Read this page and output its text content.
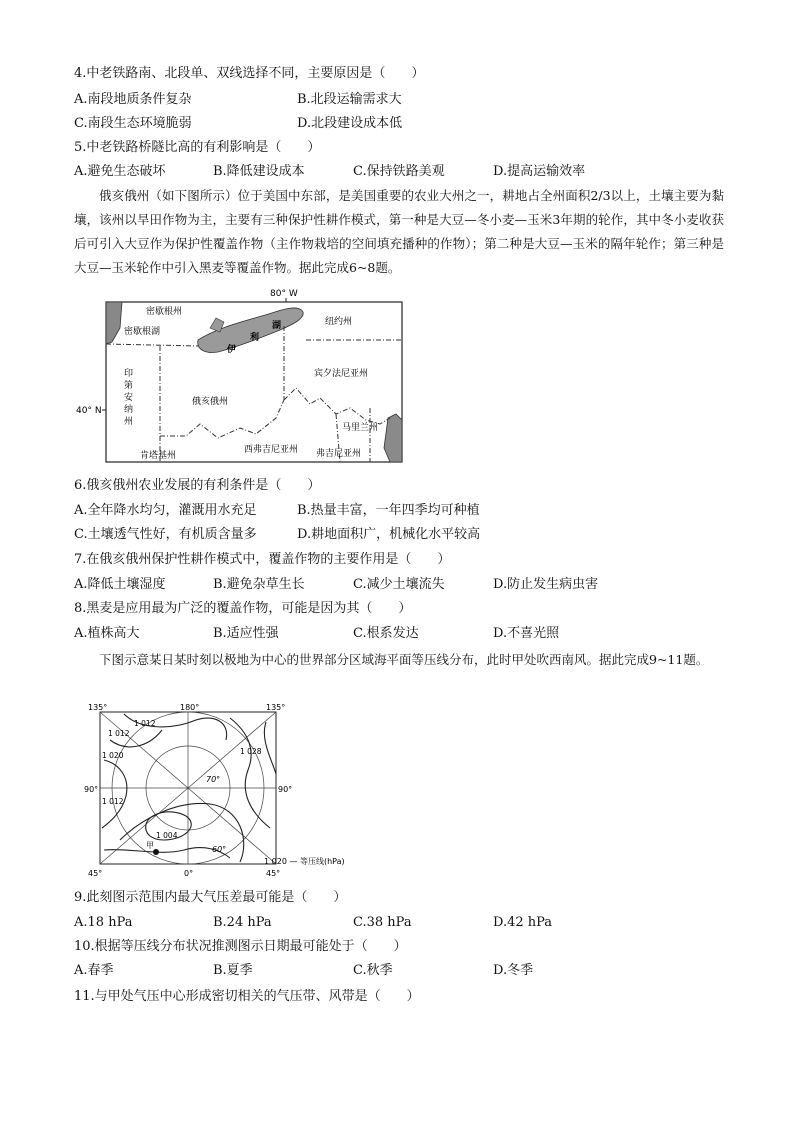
4.中老铁路南、北段单、双线选择不同，主要原因是（　　）
A.南段地质条件复杂	B.北段运输需求大
C.南段生态环境脆弱	D.北段建设成本低
5.中老铁路桥隧比高的有利影响是（　　）
A.避免生态破坏	B.降低建设成本	C.保持铁路美观	D.提高运输效率
俄亥俄州（如下图所示）位于美国中东部，是美国重要的农业大州之一，耕地占全州面积2/3以上，土壤主要为黏壤，该州以旱田作物为主，主要有三种保护性耕作模式，第一种是大豆—冬小麦—玉米3年期的轮作，其中冬小麦收获后可引入大豆作为保护性覆盖作物（主作物栽培的空间填充播种的作物）；第二种是大豆—玉米的隔年轮作；第三种是大豆—玉米轮作中引入黑麦等覆盖作物。据此完成6~8题。
80° W
40° N
密歇根州
密歇根湖
伊
利
湖	纽约州
宾夕法尼亚州
俄亥俄州
印
第
安
纳
州
马里兰州
肯塔基州
西弗吉尼亚州 弗吉尼亚州
6.俄亥俄州农业发展的有利条件是（　　）
A.全年降水均匀，灌溉用水充足	B.热量丰富，一年四季均可种植
C.土壤透气性好，有机质含量多	D.耕地面积广，机械化水平较高
7.在俄亥俄州保护性耕作模式中，覆盖作物的主要作用是（　　）
A.降低土壤湿度	B.避免杂草生长	C.减少土壤流失	D.防止发生病虫害
8.黑麦是应用最为广泛的覆盖作物，可能是因为其（　　）
A.植株高大	B.适应性强	C.根系发达	D.不喜光照
下图示意某日某时刻以极地为中心的世界部分区域海平面等压线分布，此时甲处吹西南风。据此完成9~11题。
甲
70°
60°
1 012
1 012
1 020
1 012
1 028
1 004
135°	180°	135°
90°	90°
45°	0°	45°
1 020 — 等压线(hPa)
9.此刻图示范围内最大气压差最可能是（　　）
A.18 hPa	B.24 hPa	C.38 hPa	D.42 hPa
10.根据等压线分布状况推测图示日期最可能处于（　　）
A.春季	B.夏季	C.秋季	D.冬季
11.与甲处气压中心形成密切相关的气压带、风带是（　　）
